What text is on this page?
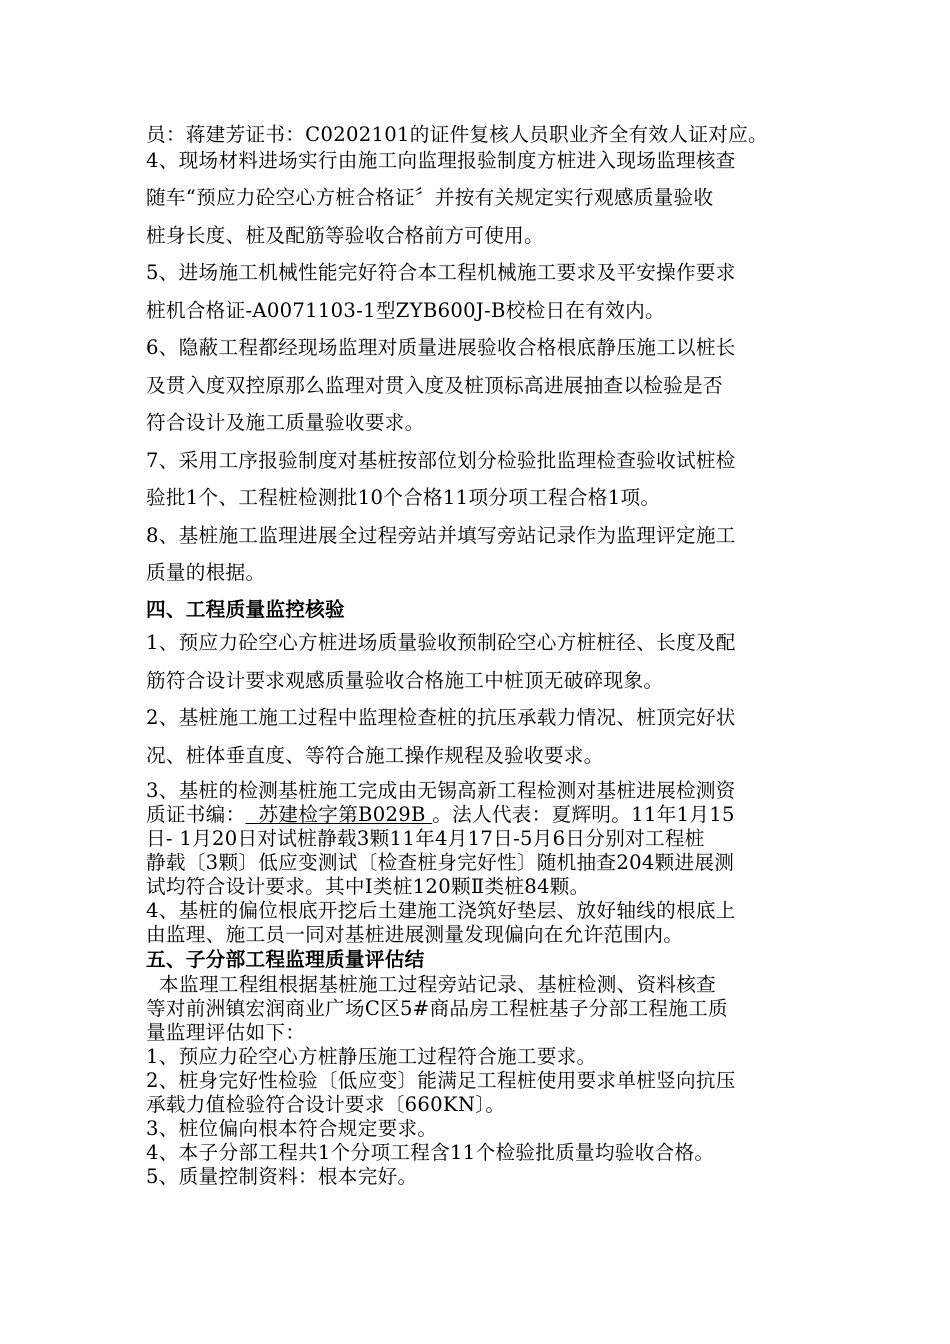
员：蒋建芳证书：C0202101的证件复核人员职业齐全有效人证对应。
4、现场材料进场实行由施工向监理报验制度方桩进入现场监理核查
随车“预应力砼空心方桩合格证〞并按有关规定实行观感质量验收
桩身长度、桩及配筋等验收合格前方可使用。
5、进场施工机械性能完好符合本工程机械施工要求及平安操作要求
桩机合格证-A0071103-1型ZYB600J-B校检日在有效内。
6、隐蔽工程都经现场监理对质量进展验收合格根底静压施工以桩长
及贯入度双控原那么监理对贯入度及桩顶标高进展抽查以检验是否
符合设计及施工质量验收要求。
7、采用工序报验制度对基桩按部位划分检验批监理检查验收试桩检
验批1个、工程桩检测批10个合格11项分项工程合格1项。
8、基桩施工监理进展全过程旁站并填写旁站记录作为监理评定施工
质量的根据。
四、工程质量监控核验
1、预应力砼空心方桩进场质量验收预制砼空心方桩桩径、长度及配
筋符合设计要求观感质量验收合格施工中桩顶无破碎现象。
2、基桩施工施工过程中监理检查桩的抗压承载力情况、桩顶完好状
况、桩体垂直度、等符合施工操作规程及验收要求。
3、基桩的检测基桩施工完成由无锡高新工程检测对基桩进展检测资
质证书编：  苏建检字第B029B 。法人代表：夏辉明。11年1月15
日- 1月20日对试桩静载3颗11年4月17日-5月6日分别对工程桩
静载〔3颗〕低应变测试〔检查桩身完好性〕随机抽查204颗进展测
试均符合设计要求。其中Ⅰ类桩120颗Ⅱ类桩84颗。
4、基桩的偏位根底开挖后土建施工浇筑好垫层、放好轴线的根底上
由监理、施工员一同对基桩进展测量发现偏向在允许范围内。
五、子分部工程监理质量评估结
本监理工程组根据基桩施工过程旁站记录、基桩检测、资料核查
等对前洲镇宏润商业广场C区5#商品房工程桩基子分部工程施工质
量监理评估如下：
1、预应力砼空心方桩静压施工过程符合施工要求。
2、桩身完好性检验〔低应变〕能满足工程桩使用要求单桩竖向抗压
承载力值检验符合设计要求〔660KN〕。
3、桩位偏向根本符合规定要求。
4、本子分部工程共1个分项工程含11个检验批质量均验收合格。
5、质量控制资料：根本完好。
